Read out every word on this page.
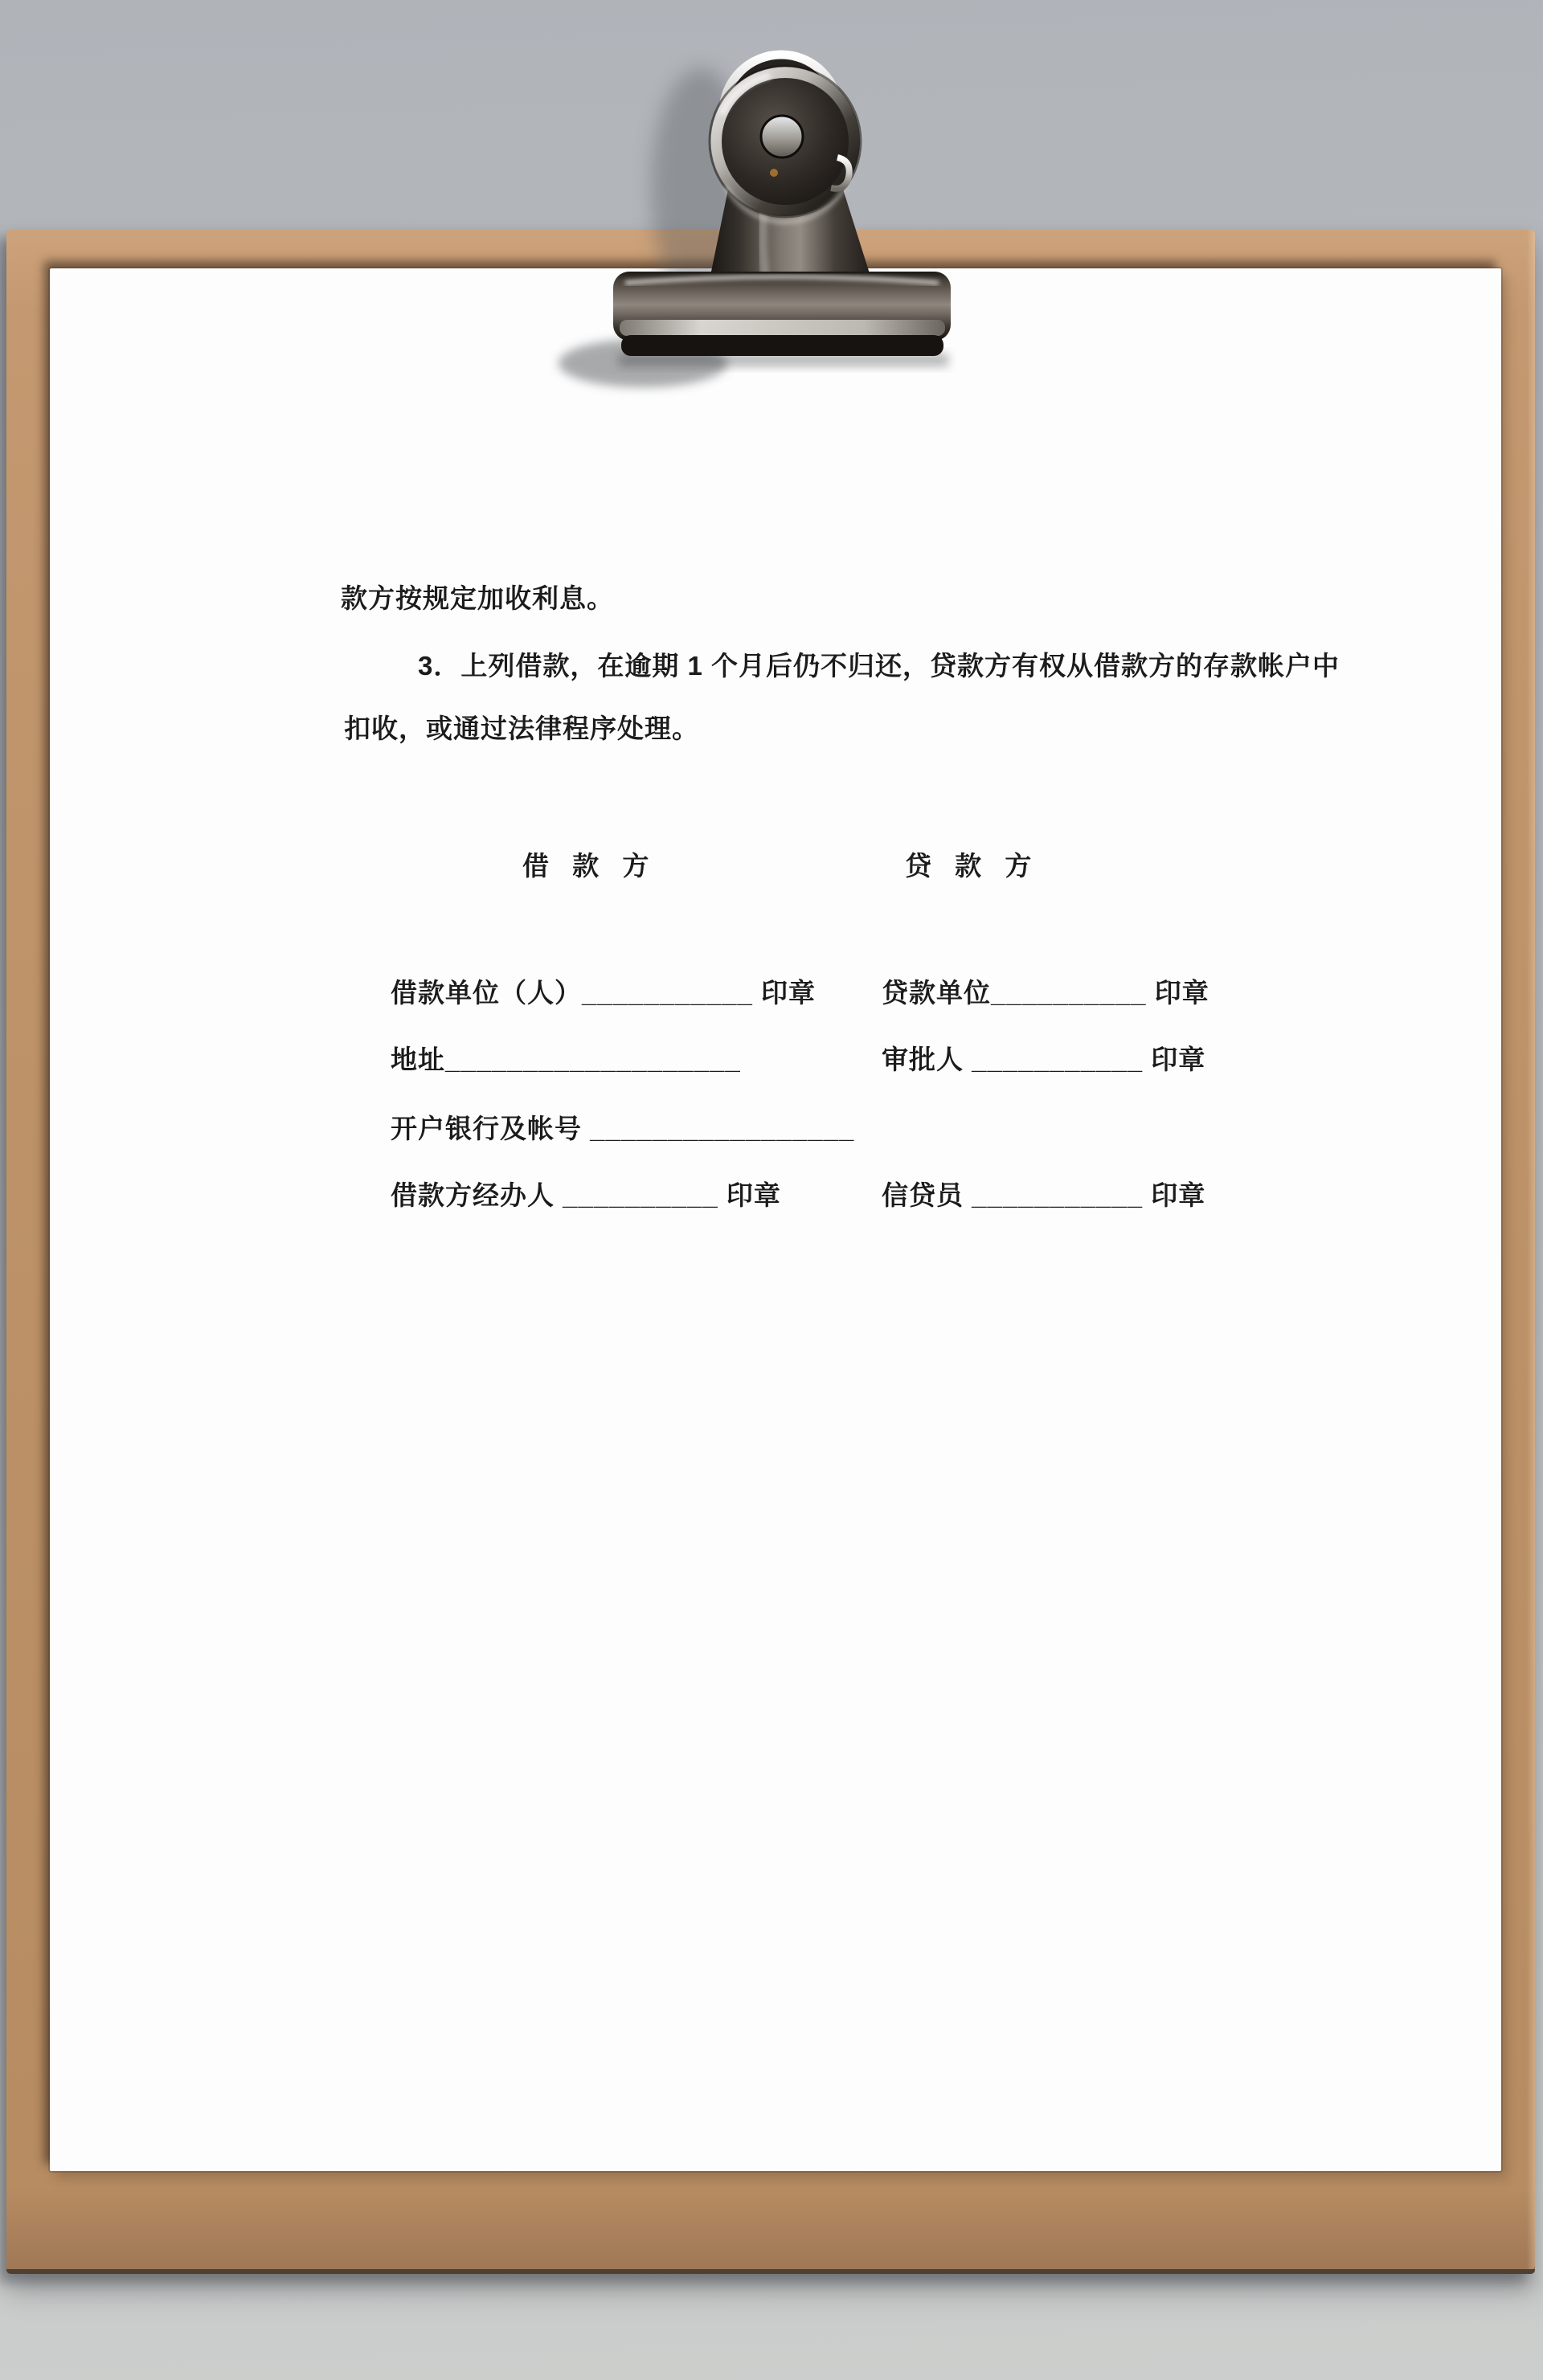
款方按规定加收利息。

3．上列借款，在逾期 1 个月后仍不归还，贷款方有权从借款方的存款帐户中

扣收，或通过法律程序处理。

借 款 方	贷 款 方
借款单位（人）___________ 印章 贷款单位__________ 印章
地址___________________	审批人 ___________ 印章
开户银行及帐号 _________________
借款方经办人 __________ 印章	信贷员 ___________ 印章
